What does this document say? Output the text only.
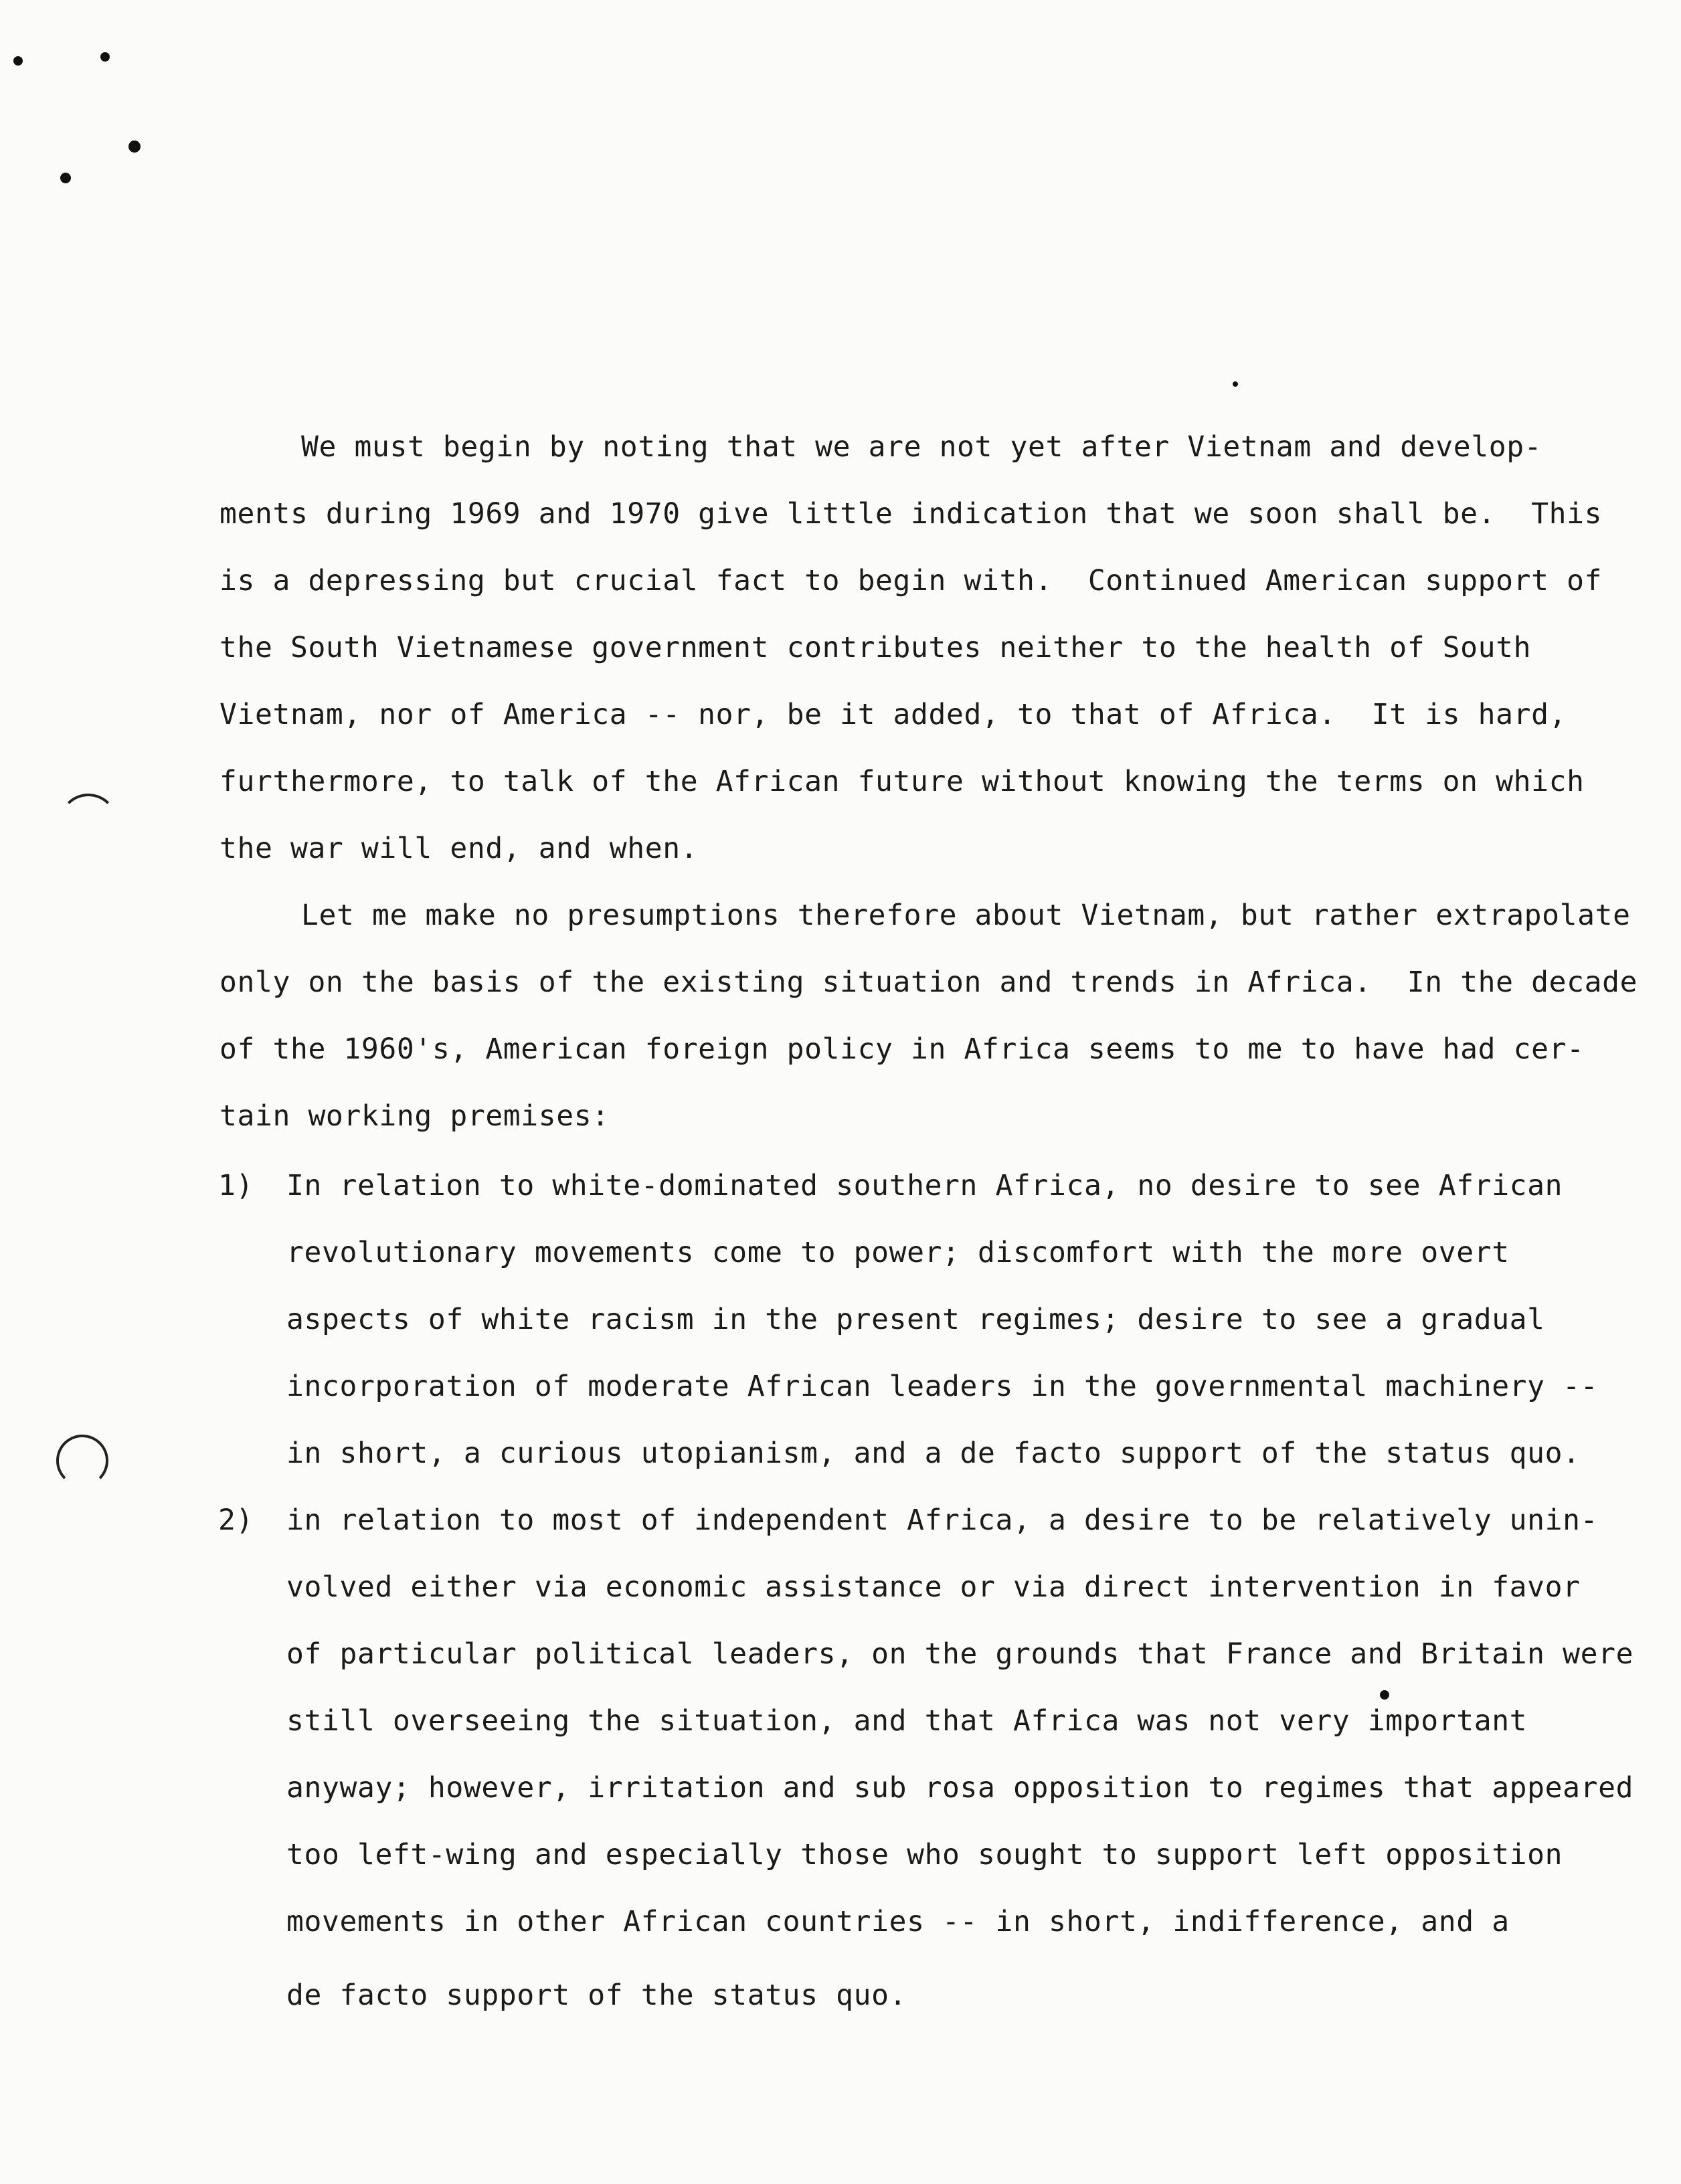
We must begin by noting that we are not yet after Vietnam and develop-
ments during 1969 and 1970 give little indication that we soon shall be.  This
is a depressing but crucial fact to begin with.  Continued American support of
the South Vietnamese government contributes neither to the health of South
Vietnam, nor of America -- nor, be it added, to that of Africa.  It is hard,
furthermore, to talk of the African future without knowing the terms on which
the war will end, and when.
Let me make no presumptions therefore about Vietnam, but rather extrapolate
only on the basis of the existing situation and trends in Africa.  In the decade
of the 1960's, American foreign policy in Africa seems to me to have had cer-
tain working premises:

1)

In relation to white-dominated southern Africa, no desire to see African

revolutionary movements come to power; discomfort with the more overt
aspects of white racism in the present regimes; desire to see a gradual
incorporation of moderate African leaders in the governmental machinery --
in short, a curious utopianism, and a de facto support of the status quo.

2)

in relation to most of independent Africa, a desire to be relatively unin-

volved either via economic assistance or via direct intervention in favor
of particular political leaders, on the grounds that France and Britain were
still overseeing the situation, and that Africa was not very important
anyway; however, irritation and sub rosa opposition to regimes that appeared
too left-wing and especially those who sought to support left opposition
movements in other African countries -- in short, indifference, and a
de facto support of the status quo.
